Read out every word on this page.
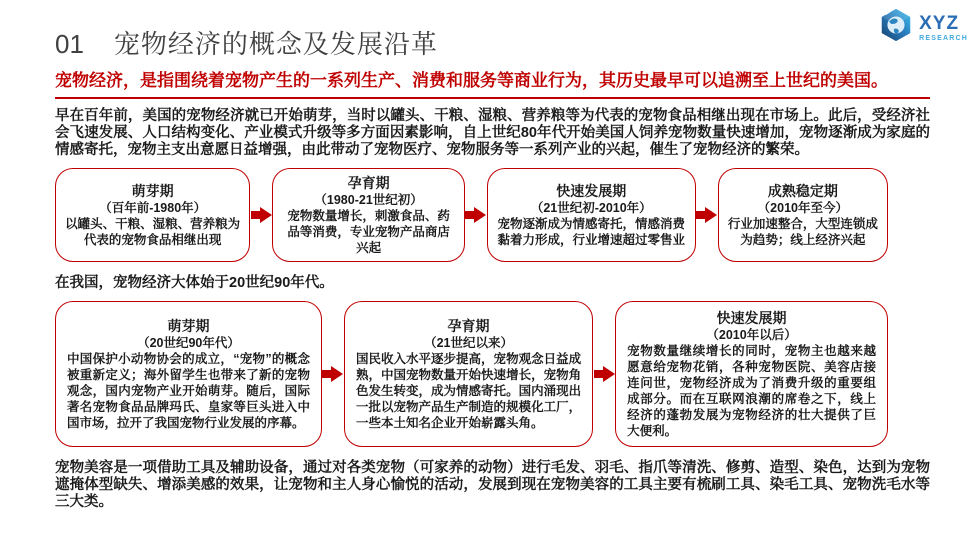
XYZ
RESEARCH
01 宠物经济的概念及发展沿革
宠物经济，是指围绕着宠物产生的一系列生产、消费和服务等商业行为，其历史最早可以追溯至上世纪的美国。

早在百年前，美国的宠物经济就已开始萌芽，当时以罐头、干粮、湿粮、营养粮等为代表的宠物食品相继出现在市场上。此后，受经济社会飞速发展、人口结构变化、产业模式升级等多方面因素影响，自上世纪80年代开始美国人饲养宠物数量快速增加，宠物逐渐成为家庭的情感寄托，宠物主支出意愿日益增强，由此带动了宠物医疗、宠物服务等一系列产业的兴起，催生了宠物经济的繁荣。

萌芽期
（百年前-1980年）
以罐头、干粮、湿粮、营养粮为代表的宠物食品相继出现
孕育期
（1980-21世纪初）
宠物数量增长，刺激食品、药品等消费，专业宠物产品商店兴起
快速发展期
（21世纪初-2010年）
宠物逐渐成为情感寄托，情感消费黏着力形成，行业增速超过零售业
成熟稳定期
（2010年至今）
行业加速整合，大型连锁成为趋势；线上经济兴起

在我国，宠物经济大体始于20世纪90年代。

萌芽期
（20世纪90年代）
中国保护小动物协会的成立，“宠物”的概念被重新定义；海外留学生也带来了新的宠物观念，国内宠物产业开始萌芽。随后，国际著名宠物食品品牌玛氏、皇家等巨头进入中国市场，拉开了我国宠物行业发展的序幕。
孕育期
（21世纪以来）
国民收入水平逐步提高，宠物观念日益成熟，中国宠物数量开始快速增长，宠物角色发生转变，成为情感寄托。国内涌现出一批以宠物产品生产制造的规模化工厂，一些本土知名企业开始崭露头角。
快速发展期
（2010年以后）
宠物数量继续增长的同时，宠物主也越来越愿意给宠物花销，各种宠物医院、美容店接连问世，宠物经济成为了消费升级的重要组成部分。而在互联网浪潮的席卷之下，线上经济的蓬勃发展为宠物经济的壮大提供了巨大便利。

宠物美容是一项借助工具及辅助设备，通过对各类宠物（可家养的动物）进行毛发、羽毛、指爪等清洗、修剪、造型、染色，达到为宠物遮掩体型缺失、增添美感的效果，让宠物和主人身心愉悦的活动，发展到现在宠物美容的工具主要有梳刷工具、染毛工具、宠物洗毛水等三大类。
